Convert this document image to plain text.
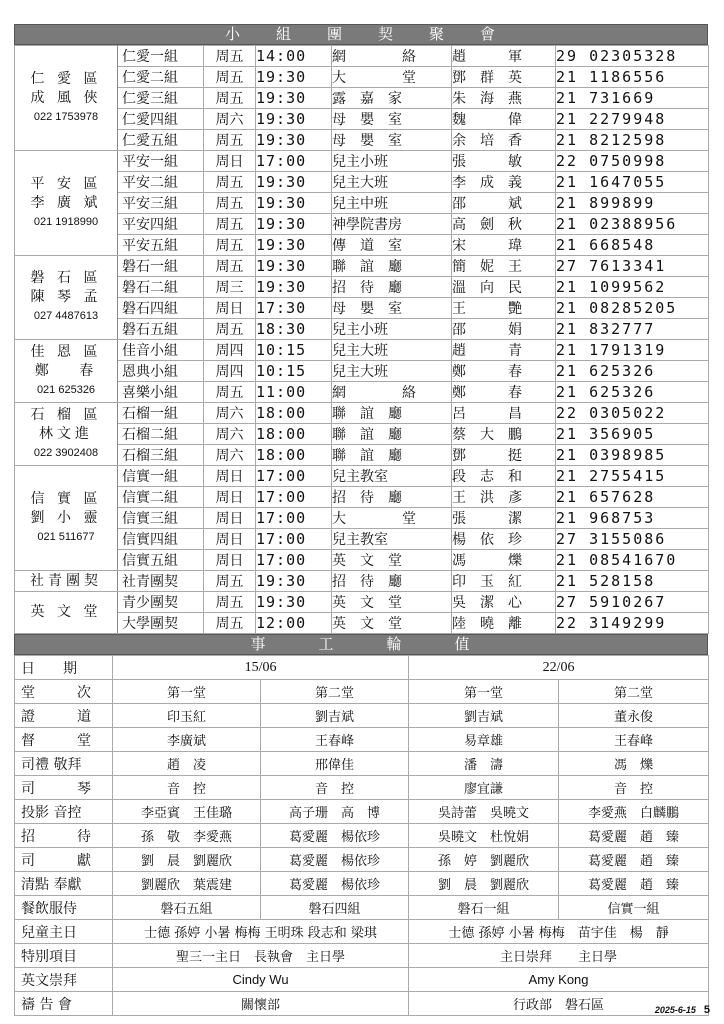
小　　組　　團　　契　　聚　　會
仁 愛 區
成 風 俠
022 1753978	仁愛一組	周五	14:00	網　　　　絡	趙　　　軍	29 02305328
	仁愛二組	周五	19:30	大　　　　堂	鄧　群　英	21 1186556
	仁愛三組	周五	19:30	露　嘉　家	朱　海　燕	21 731669
	仁愛四組	周六	19:30	母　嬰　室	魏　　　偉	21 2279948
	仁愛五組	周五	19:30	母　嬰　室	余　培　香	21 8212598

平 安 區
李 廣 斌
021 1918990	平安一組	周日	17:00	兒主小班	張　　　敏	22 0750998
	平安二組	周五	19:30	兒主大班	李　成　義	21 1647055
	平安三組	周五	19:30	兒主中班	邵　　　斌	21 899899
	平安四組	周五	19:30	神學院書房	高　劍　秋	21 02388956
	平安五組	周五	19:30	傳　道　室	宋　　　瑋	21 668548

磐 石 區
陳 琴 孟
027 4487613	磐石一組	周五	19:30	聯　誼　廳	簡　妮　王	27 7613341
	磐石二組	周三	19:30	招　待　廳	溫　向　民	21 1099562
	磐石四組	周日	17:30	母　嬰　室	王　　　艷	21 08285205
	磐石五組	周五	18:30	兒主小班	邵　　　娟	21 832777

佳 恩 區
鄭 　春
021 625326	佳音小組	周四	10:15	兒主大班	趙　　　青	21 1791319
	恩典小組	周四	10:15	兒主大班	鄭　　　春	21 625326
	喜樂小組	周五	11:00	網　　　　絡	鄭　　　春	21 625326

石 榴 區
林文進
022 3902408	石榴一組	周六	18:00	聯　誼　廳	呂　　　昌	22 0305022
	石榴二組	周六	18:00	聯　誼　廳	蔡　大　鵬	21 356905
	石榴三組	周六	18:00	聯　誼　廳	鄧　　　挺	21 0398985

信 實 區
劉 小 靈
021 511677	信實一組	周日	17:00	兒主教室	段　志　和	21 2755415
	信實二組	周日	17:00	招　待　廳	王　洪　彥	21 657628
	信實三組	周日	17:00	大　　　　堂	張　　　潔	21 968753
	信實四組	周日	17:00	兒主教室	楊　依　珍	27 3155086
	信實五組	周日	17:00	英　文　堂	馮　　　爍	21 08541670

社青團契	社青團契	周五	19:30	招　待　廳	印　玉　紅	21 528158

英 文 堂	青少團契	周五	19:30	英　文　堂	吳　潔　心	27 5910267
	大學團契	周五	12:00	英　文　堂	陸　曉　離	22 3149299
事　　　工　　　輪　　　值
日　　期	15/06		22/06	
堂　　　次	第一堂	第二堂	第一堂	第二堂
證　　　道	印玉紅	劉吉斌	劉吉斌	董永俊
督　　　堂	李廣斌	王春峰	易章雄	王春峰
司禮 敬拜	趙　凌	邢偉佳	潘　濤	馮　爍
司　　　琴	音　控	音　控	廖宜謙	音　控
投影 音控	李亞賓　王佳璐	高子珊　高　博	吳詩蕾　吳曉文	李愛燕　白麟鵬
招　　　待	孫　敬　李愛燕	葛愛麗　楊依珍	吳曉文　杜悅娟	葛愛麗　趙　臻
司　　　獻	劉　晨　劉麗欣	葛愛麗　楊依珍	孫　婷　劉麗欣	葛愛麗　趙　臻
清點 奉獻	劉麗欣　葉震建	葛愛麗　楊依珍	劉　晨　劉麗欣	葛愛麗　趙　臻
餐飲服侍	磐石五組	磐石四組	磐石一組	信實一組
兒童主日	士德 孫婷 小暑 梅梅 王明珠 段志和 梁琪		士德 孫婷 小暑 梅梅　苗宇佳　楊　靜	
特別項目	聖三一主日　長執會　主日學		主日崇拜　　主日學	
英文崇拜	Cindy Wu		Amy Kong	
禱 告 會	關懷部		行政部　磐石區		2025-6-15 5
